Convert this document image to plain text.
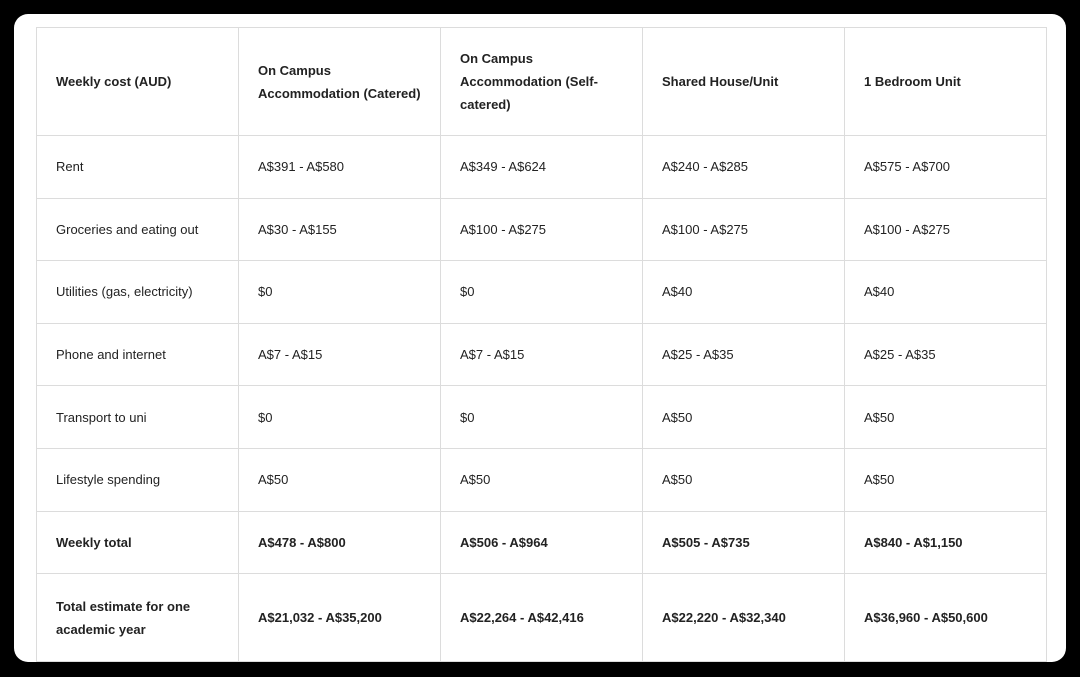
Weekly cost (AUD)	On Campus Accommodation (Catered)	On Campus Accommodation (Self-catered)	Shared House/Unit	1 Bedroom Unit
Rent	A$391 - A$580	A$349 - A$624	A$240 - A$285	A$575 - A$700
Groceries and eating out	A$30 - A$155	A$100 - A$275	A$100 - A$275	A$100 - A$275
Utilities (gas, electricity)	$0	$0	A$40	A$40
Phone and internet	A$7 - A$15	A$7 - A$15	A$25 - A$35	A$25 - A$35
Transport to uni	$0	$0	A$50	A$50
Lifestyle spending	A$50	A$50	A$50	A$50
Weekly total	A$478 - A$800	A$506 - A$964	A$505 - A$735	A$840 - A$1,150
Total estimate for one academic year	A$21,032 - A$35,200	A$22,264 - A$42,416	A$22,220 - A$32,340	A$36,960 - A$50,600
